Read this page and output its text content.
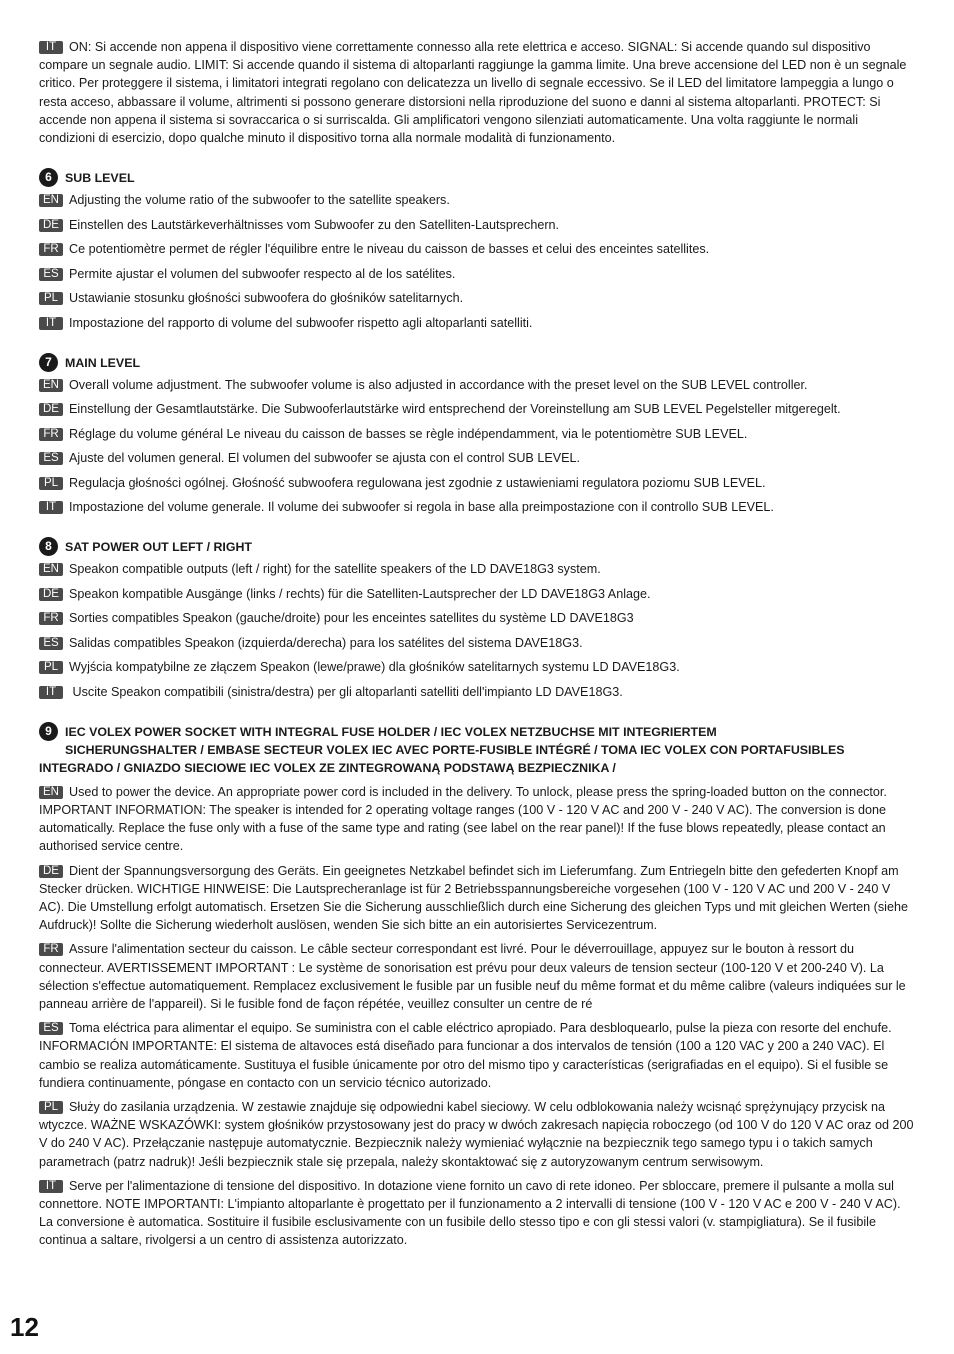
IT ON: Si accende non appena il dispositivo viene correttamente connesso alla rete elettrica e acceso. SIGNAL: Si accende quando sul dispositivo compare un segnale audio. LIMIT: Si accende quando il sistema di altoparlanti raggiunge la gamma limite. Una breve accensione del LED non è un segnale critico. Per proteggere il sistema, i limitatori integrati regolano con delicatezza un livello di segnale eccessivo. Se il LED del limitatore lampeggia a lungo o resta acceso, abbassare il volume, altrimenti si possono generare distorsioni nella riproduzione del suono e danni al sistema altoparlanti. PROTECT: Si accende non appena il sistema si sovraccarica o si surriscalda. Gli amplificatori vengono silenziati automaticamente. Una volta raggiunte le normali condizioni di esercizio, dopo qualche minuto il dispositivo torna alla normale modalità di funzionamento.

6	SUB LEVEL

EN Adjusting the volume ratio of the subwoofer to the satellite speakers.

DE Einstellen des Lautstärkeverhältnisses vom Subwoofer zu den Satelliten-Lautsprechern.

FR Ce potentiomètre permet de régler l'équilibre entre le niveau du caisson de basses et celui des enceintes satellites.

ES Permite ajustar el volumen del subwoofer respecto al de los satélites.

PL Ustawianie stosunku głośności subwoofera do głośników satelitarnych.

IT Impostazione del rapporto di volume del subwoofer rispetto agli altoparlanti satelliti.

7	MAIN LEVEL

EN Overall volume adjustment. The subwoofer volume is also adjusted in accordance with the preset level on the SUB LEVEL controller.

DE Einstellung der Gesamtlautstärke. Die Subwooferlautstärke wird entsprechend der Voreinstellung am SUB LEVEL Pegelsteller mitgeregelt.

FR Réglage du volume général Le niveau du caisson de basses se règle indépendamment, via le potentiomètre SUB LEVEL.

ES Ajuste del volumen general. El volumen del subwoofer se ajusta con el control SUB LEVEL.

PL Regulacja głośności ogólnej. Głośność subwoofera regulowana jest zgodnie z ustawieniami regulatora poziomu SUB LEVEL.

IT Impostazione del volume generale. Il volume dei subwoofer si regola in base alla preimpostazione con il controllo SUB LEVEL.

8	SAT POWER OUT LEFT / RIGHT

EN Speakon compatible outputs (left / right) for the satellite speakers of the LD DAVE18G3 system.

DE Speakon kompatible Ausgänge (links / rechts) für die Satelliten-Lautsprecher der LD DAVE18G3 Anlage.

FR Sorties compatibles Speakon (gauche/droite) pour les enceintes satellites du système LD DAVE18G3

ES Salidas compatibles Speakon (izquierda/derecha) para los satélites del sistema DAVE18G3.

PL Wyjścia kompatybilne ze złączem Speakon (lewe/prawe) dla głośników satelitarnych systemu LD DAVE18G3.

IT Uscite Speakon compatibili (sinistra/destra) per gli altoparlanti satelliti dell'impianto LD DAVE18G3.

9	IEC VOLEX POWER SOCKET WITH INTEGRAL FUSE HOLDER / IEC VOLEX NETZBUCHSE MIT INTEGRIERTEM
SICHERUNGSHALTER / EMBASE SECTEUR VOLEX IEC AVEC PORTE-FUSIBLE INTÉGRÉ / TOMA IEC VOLEX CON PORTAFUSIBLES
INTEGRADO / GNIAZDO SIECIOWE IEC VOLEX ZE ZINTEGROWANĄ PODSTAWĄ BEZPIECZNIKA /

EN Used to power the device. An appropriate power cord is included in the delivery. To unlock, please press the spring-loaded button on the connector. IMPORTANT INFORMATION: The speaker is intended for 2 operating voltage ranges (100 V - 120 V AC and 200 V - 240 V AC). The conversion is done automatically. Replace the fuse only with a fuse of the same type and rating (see label on the rear panel)! If the fuse blows repeatedly, please contact an authorised service centre.

DE Dient der Spannungsversorgung des Geräts. Ein geeignetes Netzkabel befindet sich im Lieferumfang. Zum Entriegeln bitte den gefederten Knopf am Stecker drücken. WICHTIGE HINWEISE: Die Lautsprecheranlage ist für 2 Betriebsspannungsbereiche vorgesehen (100 V - 120 V AC und 200 V - 240 V AC). Die Umstellung erfolgt automatisch. Ersetzen Sie die Sicherung ausschließlich durch eine Sicherung des gleichen Typs und mit gleichen Werten (siehe Aufdruck)! Sollte die Sicherung wiederholt auslösen, wenden Sie sich bitte an ein autorisiertes Servicezentrum.

FR Assure l'alimentation secteur du caisson. Le câble secteur correspondant est livré. Pour le déverrouillage, appuyez sur le bouton à ressort du connecteur. AVERTISSEMENT IMPORTANT : Le système de sonorisation est prévu pour deux valeurs de tension secteur (100-120 V et 200-240 V). La sélection s'effectue automatiquement. Remplacez exclusivement le fusible par un fusible neuf du même format et du même calibre (valeurs indiquées sur le panneau arrière de l'appareil). Si le fusible fond de façon répétée, veuillez consulter un centre de ré

ES Toma eléctrica para alimentar el equipo. Se suministra con el cable eléctrico apropiado. Para desbloquearlo, pulse la pieza con resorte del enchufe. INFORMACIÓN IMPORTANTE: El sistema de altavoces está diseñado para funcionar a dos intervalos de tensión (100 a 120 VAC y 200 a 240 VAC). El cambio se realiza automáticamente. Sustituya el fusible únicamente por otro del mismo tipo y características (serigrafiadas en el equipo). Si el fusible se fundiera continuamente, póngase en contacto con un servicio técnico autorizado.

PL Służy do zasilania urządzenia. W zestawie znajduje się odpowiedni kabel sieciowy. W celu odblokowania należy wcisnąć sprężynujący przycisk na wtyczce. WAŻNE WSKAZÓWKI: system głośników przystosowany jest do pracy w dwóch zakresach napięcia roboczego (od 100 V do 120 V AC oraz od 200 V do 240 V AC). Przełączanie następuje automatycznie. Bezpiecznik należy wymieniać wyłącznie na bezpiecznik tego samego typu i o takich samych parametrach (patrz nadruk)! Jeśli bezpiecznik stale się przepala, należy skontaktować się z autoryzowanym centrum serwisowym.

IT Serve per l'alimentazione di tensione del dispositivo. In dotazione viene fornito un cavo di rete idoneo. Per sbloccare, premere il pulsante a molla sul connettore. NOTE IMPORTANTI: L'impianto altoparlante è progettato per il funzionamento a 2 intervalli di tensione (100 V - 120 V AC e 200 V - 240 V AC). La conversione è automatica. Sostituire il fusibile esclusivamente con un fusibile dello stesso tipo e con gli stessi valori (v. stampigliatura). Se il fusibile continua a saltare, rivolgersi a un centro di assistenza autorizzato.

12
